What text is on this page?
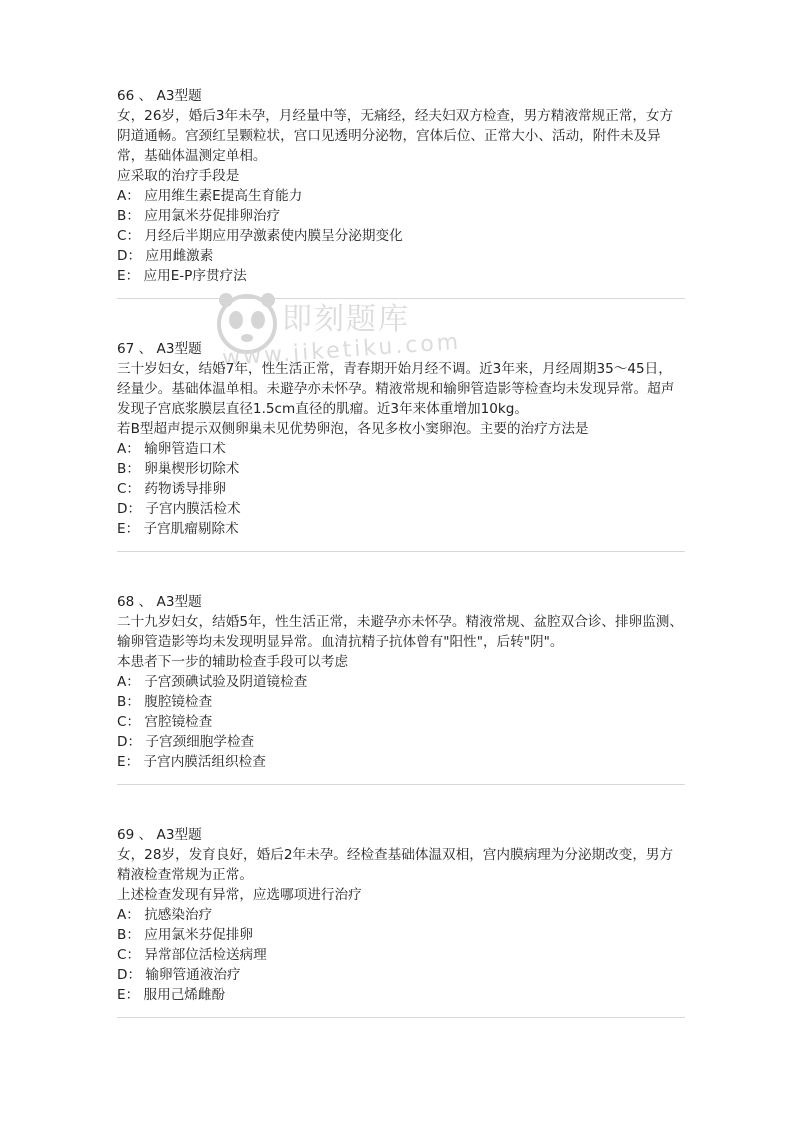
即刻题库
www.jiketiku.com

66 、 A3型题

女，26岁，婚后3年未孕，月经量中等，无痛经，经夫妇双方检查，男方精液常规正常，女方阴道通畅。宫颈红呈颗粒状，宫口见透明分泌物，宫体后位、正常大小、活动，附件未及异常，基础体温测定单相。

应采取的治疗手段是

A： 应用维生素E提高生育能力
B： 应用氯米芬促排卵治疗
C： 月经后半期应用孕激素使内膜呈分泌期变化
D： 应用雌激素
E： 应用E-P序贯疗法

67 、 A3型题

三十岁妇女，结婚7年，性生活正常，青春期开始月经不调。近3年来，月经周期35～45日，经量少。基础体温单相。未避孕亦未怀孕。精液常规和输卵管造影等检查均未发现异常。超声发现子宫底浆膜层直径1.5cm直径的肌瘤。近3年来体重增加10kg。

若B型超声提示双侧卵巢未见优势卵泡，各见多枚小窦卵泡。主要的治疗方法是

A： 输卵管造口术
B： 卵巢楔形切除术
C： 药物诱导排卵
D： 子宫内膜活检术
E： 子宫肌瘤剔除术

68 、 A3型题

二十九岁妇女，结婚5年，性生活正常，未避孕亦未怀孕。精液常规、盆腔双合诊、排卵监测、输卵管造影等均未发现明显异常。血清抗精子抗体曾有"阳性"，后转"阴"。

本患者下一步的辅助检查手段可以考虑

A： 子宫颈碘试验及阴道镜检查
B： 腹腔镜检查
C： 宫腔镜检查
D： 子宫颈细胞学检查
E： 子宫内膜活组织检查

69 、 A3型题

女，28岁，发育良好，婚后2年未孕。经检查基础体温双相，宫内膜病理为分泌期改变，男方精液检查常规为正常。

上述检查发现有异常，应选哪项进行治疗

A： 抗感染治疗
B： 应用氯米芬促排卵
C： 异常部位活检送病理
D： 输卵管通液治疗
E： 服用己烯雌酚
